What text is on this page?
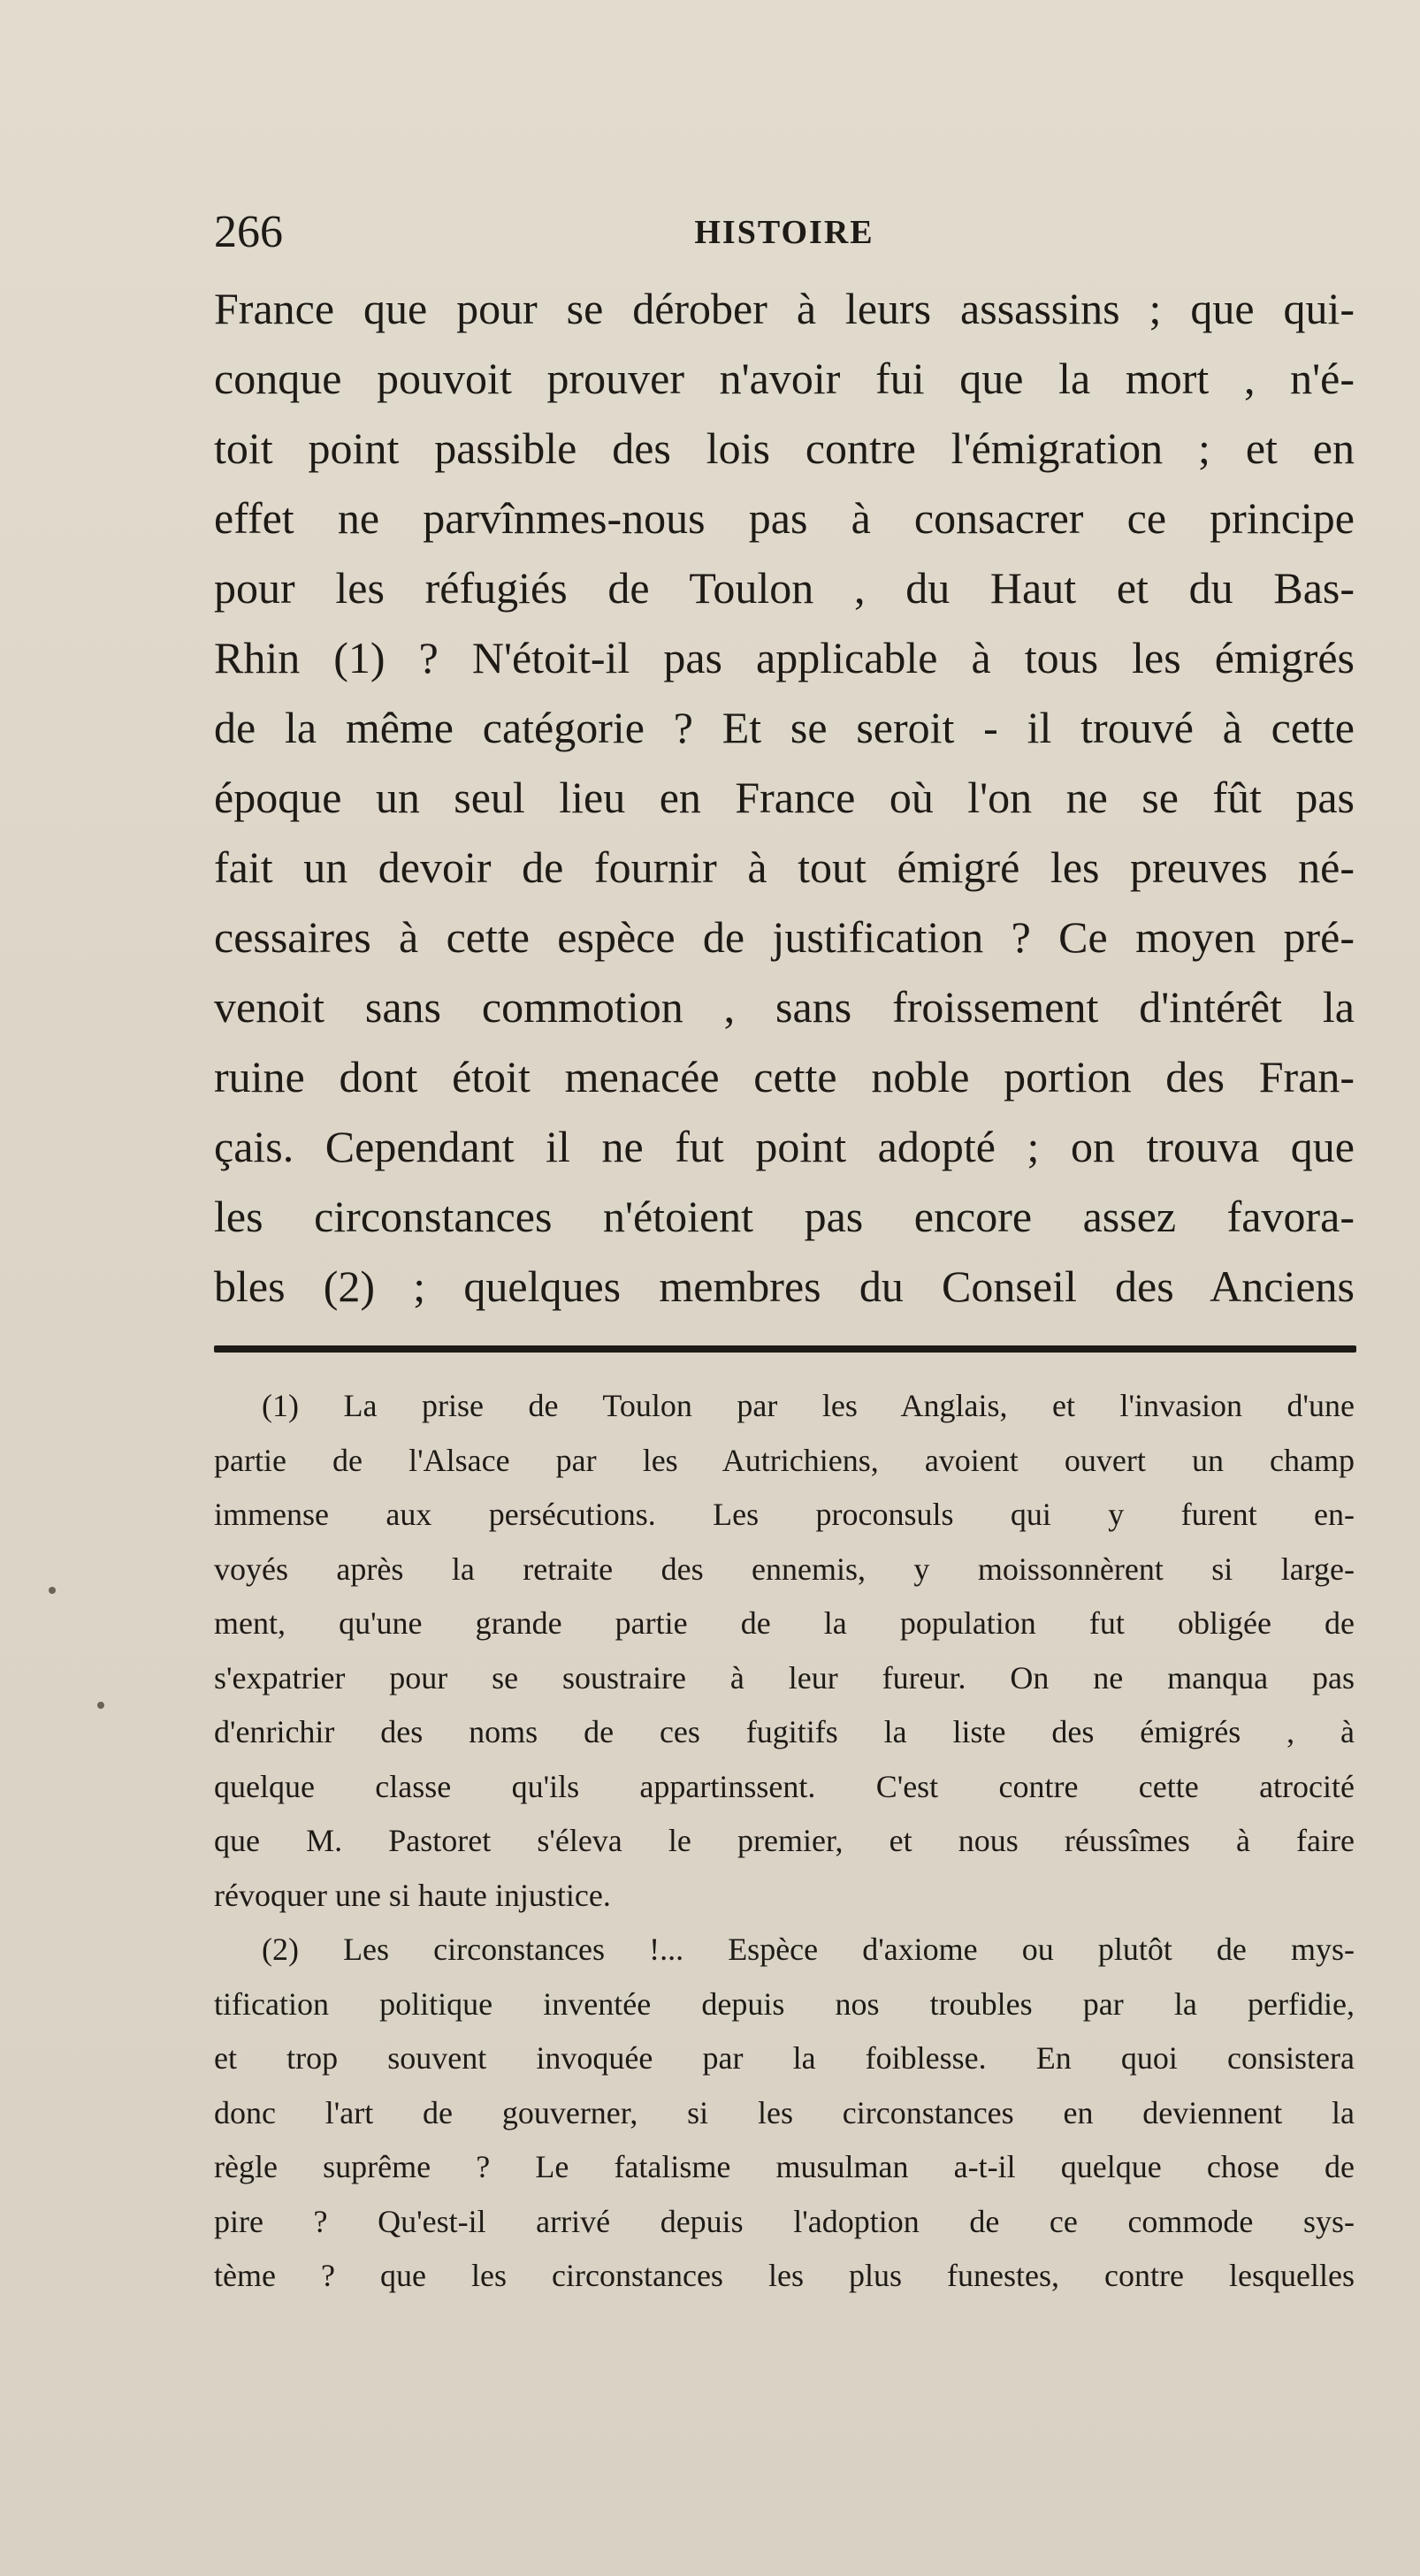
266	HISTOIRE
France que pour se dérober à leurs assassins ; que qui-
conque pouvoit prouver n'avoir fui que la mort , n'é-
toit point passible des lois contre l'émigration ; et en
effet ne parvînmes-nous pas à consacrer ce principe
pour les réfugiés de Toulon , du Haut et du Bas-
Rhin (1) ? N'étoit-il pas applicable à tous les émigrés
de la même catégorie ? Et se seroit - il trouvé à cette
époque un seul lieu en France où l'on ne se fût pas
fait un devoir de fournir à tout émigré les preuves né-
cessaires à cette espèce de justification ? Ce moyen pré-
venoit sans commotion , sans froissement d'intérêt la
ruine dont étoit menacée cette noble portion des Fran-
çais. Cependant il ne fut point adopté ; on trouva que
les circonstances n'étoient pas encore assez favora-
bles (2) ; quelques membres du Conseil des Anciens
(1) La prise de Toulon par les Anglais, et l'invasion d'une
partie de l'Alsace par les Autrichiens, avoient ouvert un champ
immense aux persécutions. Les proconsuls qui y furent en-
voyés après la retraite des ennemis, y moissonnèrent si large-
ment, qu'une grande partie de la population fut obligée de
s'expatrier pour se soustraire à leur fureur. On ne manqua pas
d'enrichir des noms de ces fugitifs la liste des émigrés , à
quelque classe qu'ils appartinssent. C'est contre cette atrocité
que M. Pastoret s'éleva le premier, et nous réussîmes à faire
révoquer une si haute injustice.
(2) Les circonstances !... Espèce d'axiome ou plutôt de mys-
tification politique inventée depuis nos troubles par la perfidie,
et trop souvent invoquée par la foiblesse. En quoi consistera
donc l'art de gouverner, si les circonstances en deviennent la
règle suprême ? Le fatalisme musulman a-t-il quelque chose de
pire ? Qu'est-il arrivé depuis l'adoption de ce commode sys-
tème ? que les circonstances les plus funestes, contre lesquelles
